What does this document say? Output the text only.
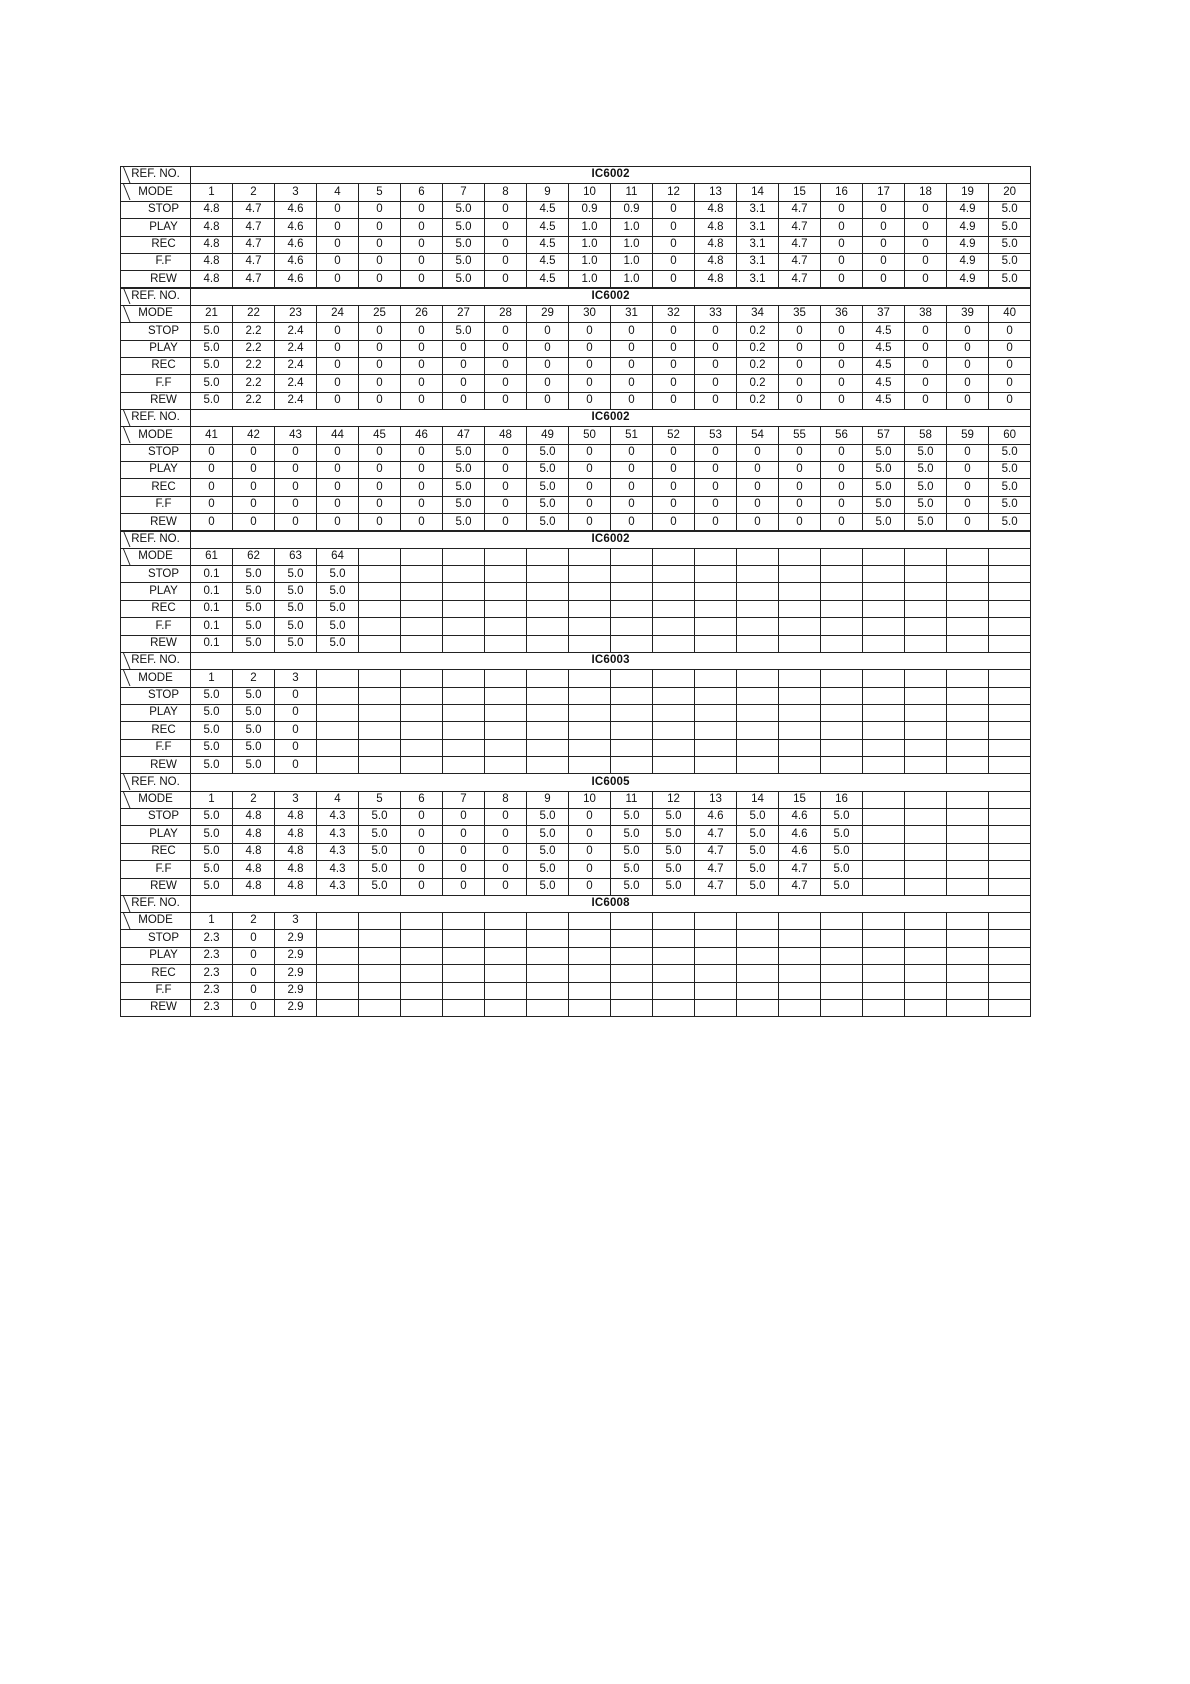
REF. NO.	IC6002																			
MODE	1	2	3	4	5	6	7	8	9	10	11	12	13	14	15	16	17	18	19	20
STOP	4.8	4.7	4.6	0	0	0	5.0	0	4.5	0.9	0.9	0	4.8	3.1	4.7	0	0	0	4.9	5.0
PLAY	4.8	4.7	4.6	0	0	0	5.0	0	4.5	1.0	1.0	0	4.8	3.1	4.7	0	0	0	4.9	5.0
REC	4.8	4.7	4.6	0	0	0	5.0	0	4.5	1.0	1.0	0	4.8	3.1	4.7	0	0	0	4.9	5.0
F.F	4.8	4.7	4.6	0	0	0	5.0	0	4.5	1.0	1.0	0	4.8	3.1	4.7	0	0	0	4.9	5.0
REW	4.8	4.7	4.6	0	0	0	5.0	0	4.5	1.0	1.0	0	4.8	3.1	4.7	0	0	0	4.9	5.0
REF. NO.	IC6002																			
MODE	21	22	23	24	25	26	27	28	29	30	31	32	33	34	35	36	37	38	39	40
STOP	5.0	2.2	2.4	0	0	0	5.0	0	0	0	0	0	0	0.2	0	0	4.5	0	0	0
PLAY	5.0	2.2	2.4	0	0	0	0	0	0	0	0	0	0	0.2	0	0	4.5	0	0	0
REC	5.0	2.2	2.4	0	0	0	0	0	0	0	0	0	0	0.2	0	0	4.5	0	0	0
F.F	5.0	2.2	2.4	0	0	0	0	0	0	0	0	0	0	0.2	0	0	4.5	0	0	0
REW	5.0	2.2	2.4	0	0	0	0	0	0	0	0	0	0	0.2	0	0	4.5	0	0	0
REF. NO.	IC6002																			
MODE	41	42	43	44	45	46	47	48	49	50	51	52	53	54	55	56	57	58	59	60
STOP	0	0	0	0	0	0	5.0	0	5.0	0	0	0	0	0	0	0	5.0	5.0	0	5.0
PLAY	0	0	0	0	0	0	5.0	0	5.0	0	0	0	0	0	0	0	5.0	5.0	0	5.0
REC	0	0	0	0	0	0	5.0	0	5.0	0	0	0	0	0	0	0	5.0	5.0	0	5.0
F.F	0	0	0	0	0	0	5.0	0	5.0	0	0	0	0	0	0	0	5.0	5.0	0	5.0
REW	0	0	0	0	0	0	5.0	0	5.0	0	0	0	0	0	0	0	5.0	5.0	0	5.0
REF. NO.	IC6002																			
MODE	61	62	63	64																
STOP	0.1	5.0	5.0	5.0																
PLAY	0.1	5.0	5.0	5.0																
REC	0.1	5.0	5.0	5.0																
F.F	0.1	5.0	5.0	5.0																
REW	0.1	5.0	5.0	5.0																
REF. NO.	IC6003																			
MODE	1	2	3																	
STOP	5.0	5.0	0																	
PLAY	5.0	5.0	0																	
REC	5.0	5.0	0																	
F.F	5.0	5.0	0																	
REW	5.0	5.0	0																	
REF. NO.	IC6005																			
MODE	1	2	3	4	5	6	7	8	9	10	11	12	13	14	15	16				
STOP	5.0	4.8	4.8	4.3	5.0	0	0	0	5.0	0	5.0	5.0	4.6	5.0	4.6	5.0				
PLAY	5.0	4.8	4.8	4.3	5.0	0	0	0	5.0	0	5.0	5.0	4.7	5.0	4.6	5.0				
REC	5.0	4.8	4.8	4.3	5.0	0	0	0	5.0	0	5.0	5.0	4.7	5.0	4.6	5.0				
F.F	5.0	4.8	4.8	4.3	5.0	0	0	0	5.0	0	5.0	5.0	4.7	5.0	4.7	5.0				
REW	5.0	4.8	4.8	4.3	5.0	0	0	0	5.0	0	5.0	5.0	4.7	5.0	4.7	5.0				
REF. NO.	IC6008																			
MODE	1	2	3																	
STOP	2.3	0	2.9																	
PLAY	2.3	0	2.9																	
REC	2.3	0	2.9																	
F.F	2.3	0	2.9																	
REW	2.3	0	2.9																	
